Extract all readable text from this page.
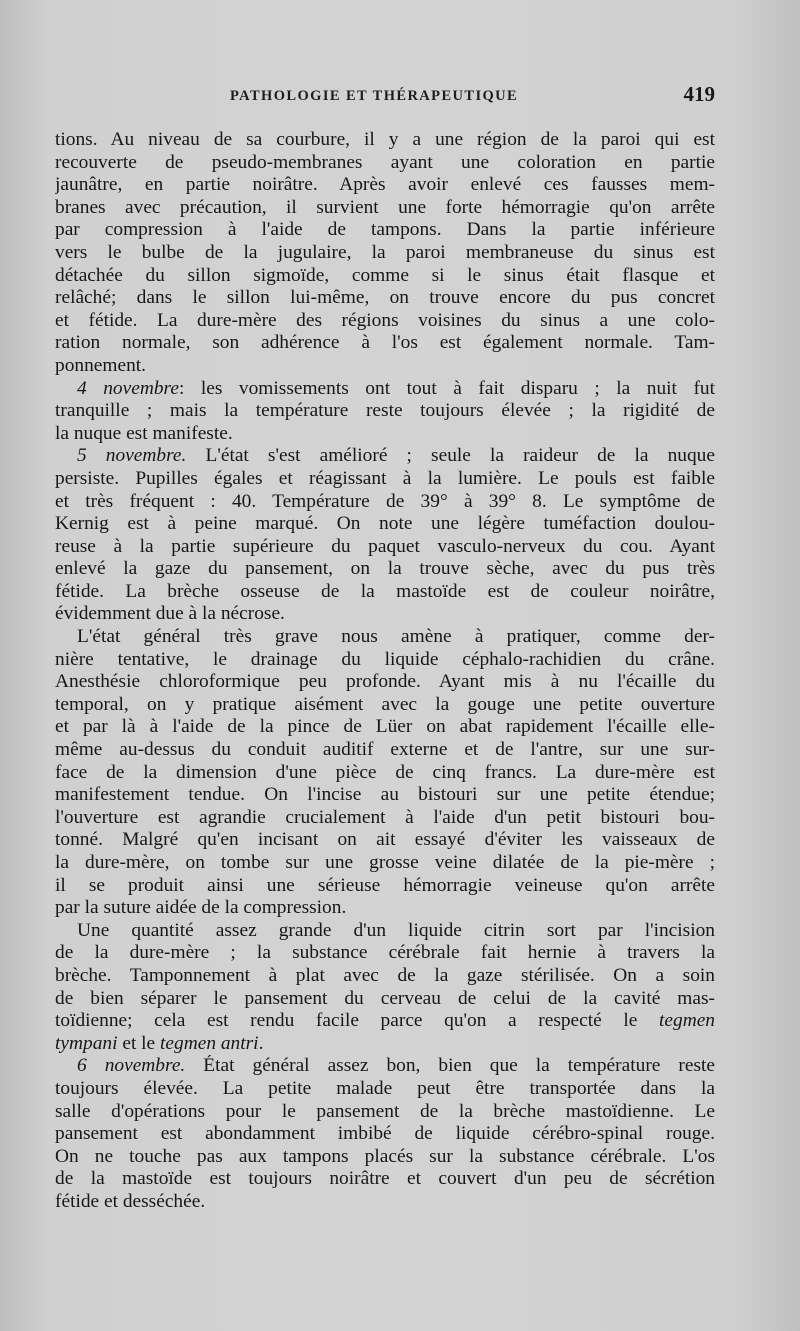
PATHOLOGIE ET THÉRAPEUTIQUE	419
tions. Au niveau de sa courbure, il y a une région de la paroi qui est
recouverte de pseudo-membranes ayant une coloration en partie
jaunâtre, en partie noirâtre. Après avoir enlevé ces fausses mem-
branes avec précaution, il survient une forte hémorragie qu'on arrête
par compression à l'aide de tampons. Dans la partie inférieure
vers le bulbe de la jugulaire, la paroi membraneuse du sinus est
détachée du sillon sigmoïde, comme si le sinus était flasque et
relâché; dans le sillon lui-même, on trouve encore du pus concret
et fétide. La dure-mère des régions voisines du sinus a une colo-
ration normale, son adhérence à l'os est également normale. Tam-
ponnement.
4 novembre: les vomissements ont tout à fait disparu ; la nuit fut
tranquille ; mais la température reste toujours élevée ; la rigidité de
la nuque est manifeste.
5 novembre. L'état s'est amélioré ; seule la raideur de la nuque
persiste. Pupilles égales et réagissant à la lumière. Le pouls est faible
et très fréquent : 40. Température de 39° à 39° 8. Le symptôme de
Kernig est à peine marqué. On note une légère tuméfaction doulou-
reuse à la partie supérieure du paquet vasculo-nerveux du cou. Ayant
enlevé la gaze du pansement, on la trouve sèche, avec du pus très
fétide. La brèche osseuse de la mastoïde est de couleur noirâtre,
évidemment due à la nécrose.
L'état général très grave nous amène à pratiquer, comme der-
nière tentative, le drainage du liquide céphalo-rachidien du crâne.
Anesthésie chloroformique peu profonde. Ayant mis à nu l'écaille du
temporal, on y pratique aisément avec la gouge une petite ouverture
et par là à l'aide de la pince de Lüer on abat rapidement l'écaille elle-
même au-dessus du conduit auditif externe et de l'antre, sur une sur-
face de la dimension d'une pièce de cinq francs. La dure-mère est
manifestement tendue. On l'incise au bistouri sur une petite étendue;
l'ouverture est agrandie crucialement à l'aide d'un petit bistouri bou-
tonné. Malgré qu'en incisant on ait essayé d'éviter les vaisseaux de
la dure-mère, on tombe sur une grosse veine dilatée de la pie-mère ;
il se produit ainsi une sérieuse hémorragie veineuse qu'on arrête
par la suture aidée de la compression.
Une quantité assez grande d'un liquide citrin sort par l'incision
de la dure-mère ; la substance cérébrale fait hernie à travers la
brèche. Tamponnement à plat avec de la gaze stérilisée. On a soin
de bien séparer le pansement du cerveau de celui de la cavité mas-
toïdienne; cela est rendu facile parce qu'on a respecté le tegmen
tympani et le tegmen antri.
6 novembre. État général assez bon, bien que la température reste
toujours élevée. La petite malade peut être transportée dans la
salle d'opérations pour le pansement de la brèche mastoïdienne. Le
pansement est abondamment imbibé de liquide cérébro-spinal rouge.
On ne touche pas aux tampons placés sur la substance cérébrale. L'os
de la mastoïde est toujours noirâtre et couvert d'un peu de sécrétion
fétide et desséchée.
